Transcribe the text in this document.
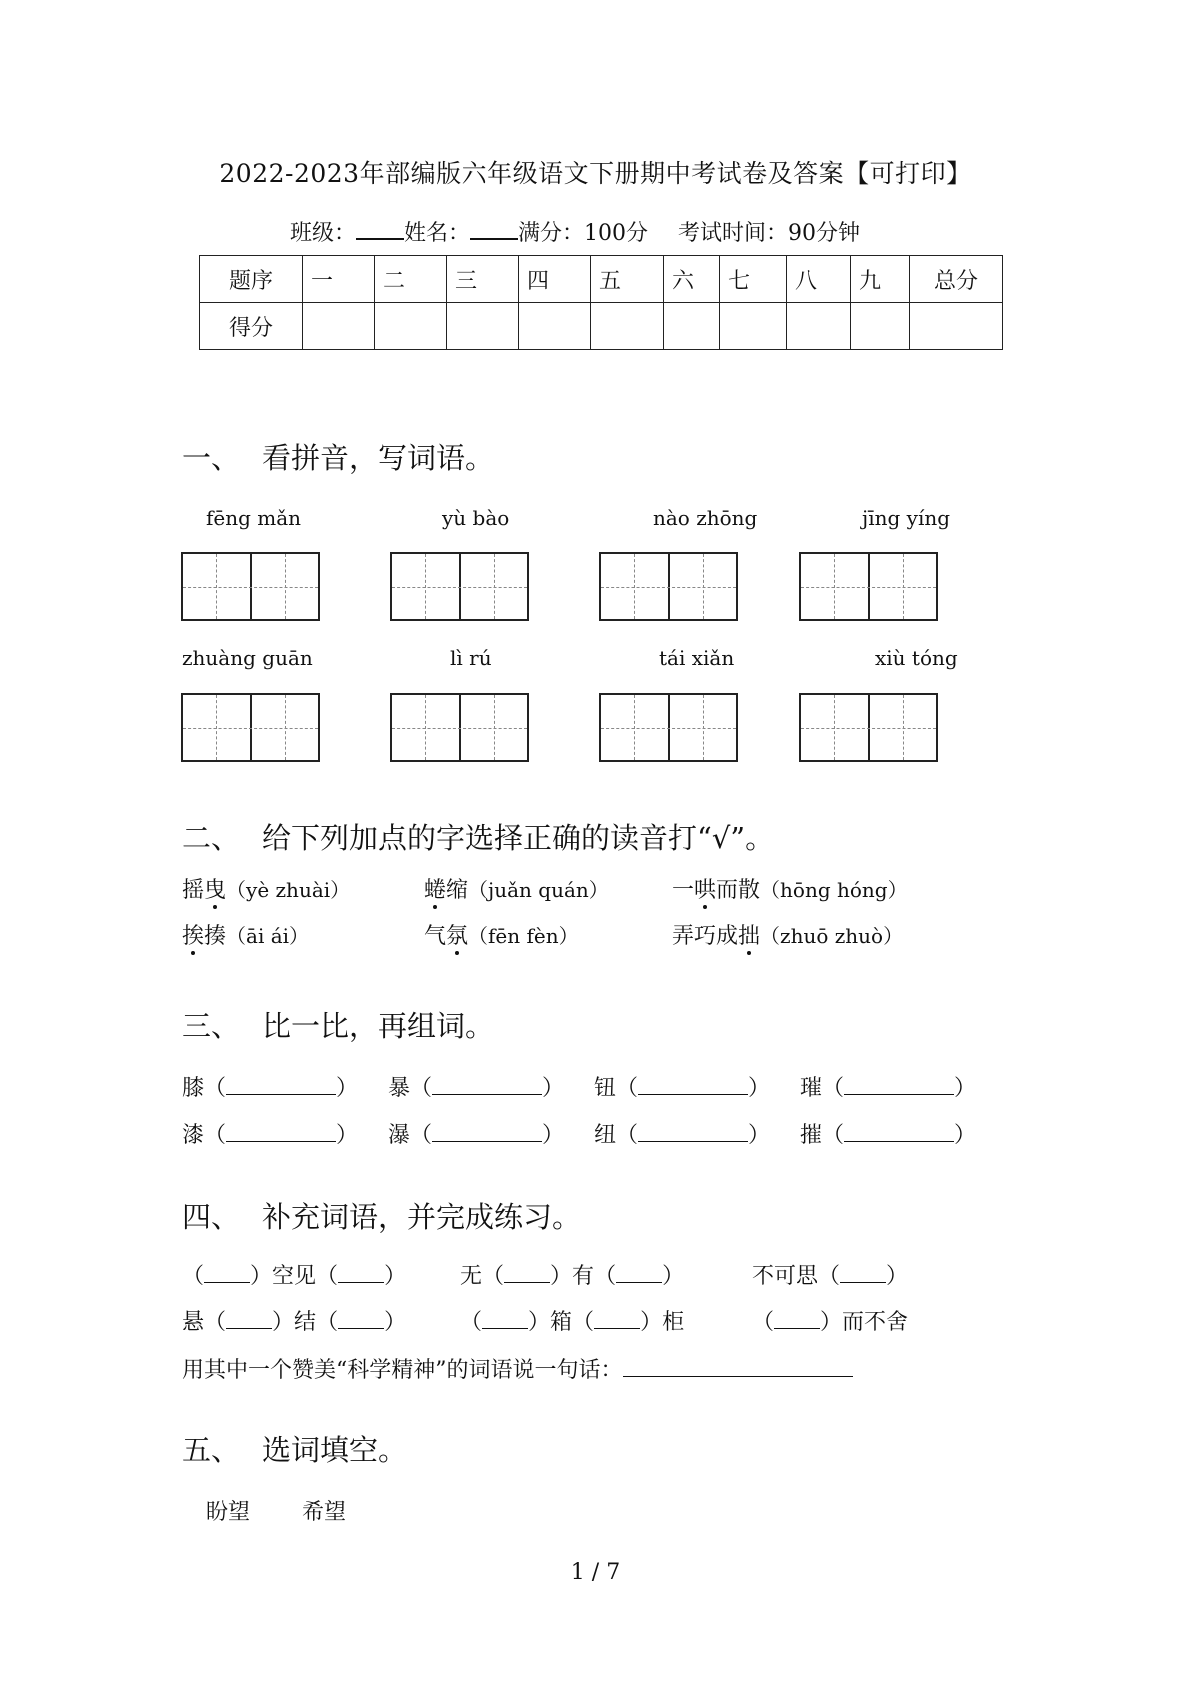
2022-2023年部编版六年级语文下册期中考试卷及答案【可打印】
班级： 姓名： 满分：100分 考试时间：90分钟
题序	一	二	三	四	五	六	七	八	九	总分
得分										
一、 看拼音，写词语。
fēng mǎn	yù bào	nào zhōng	jīng yíng
zhuàng guān	lì rú	tái xiǎn	xiù tóng
二、 给下列加点的字选择正确的读音打“√”。
摇曳（yè zhuài）	蜷缩（juǎn quán）	一哄而散（hōng hóng）
挨揍（āi ái）	气氛（fēn fèn）	弄巧成拙（zhuō zhuò）
三、 比一比，再组词。
膝（	） 暴（	） 钮（	） 璀（	）
漆（	） 瀑（	） 纽（	） 摧（	）
四、 补充词语，并完成练习。
（ ）空见（ ） 无（ ）有（ ）	不可思（ ）
悬（ ）结（ ） （ ）箱（ ）柜	（ ）而不舍
用其中一个赞美“科学精神”的词语说一句话：
五、 选词填空。
盼望 希望
1 / 7
